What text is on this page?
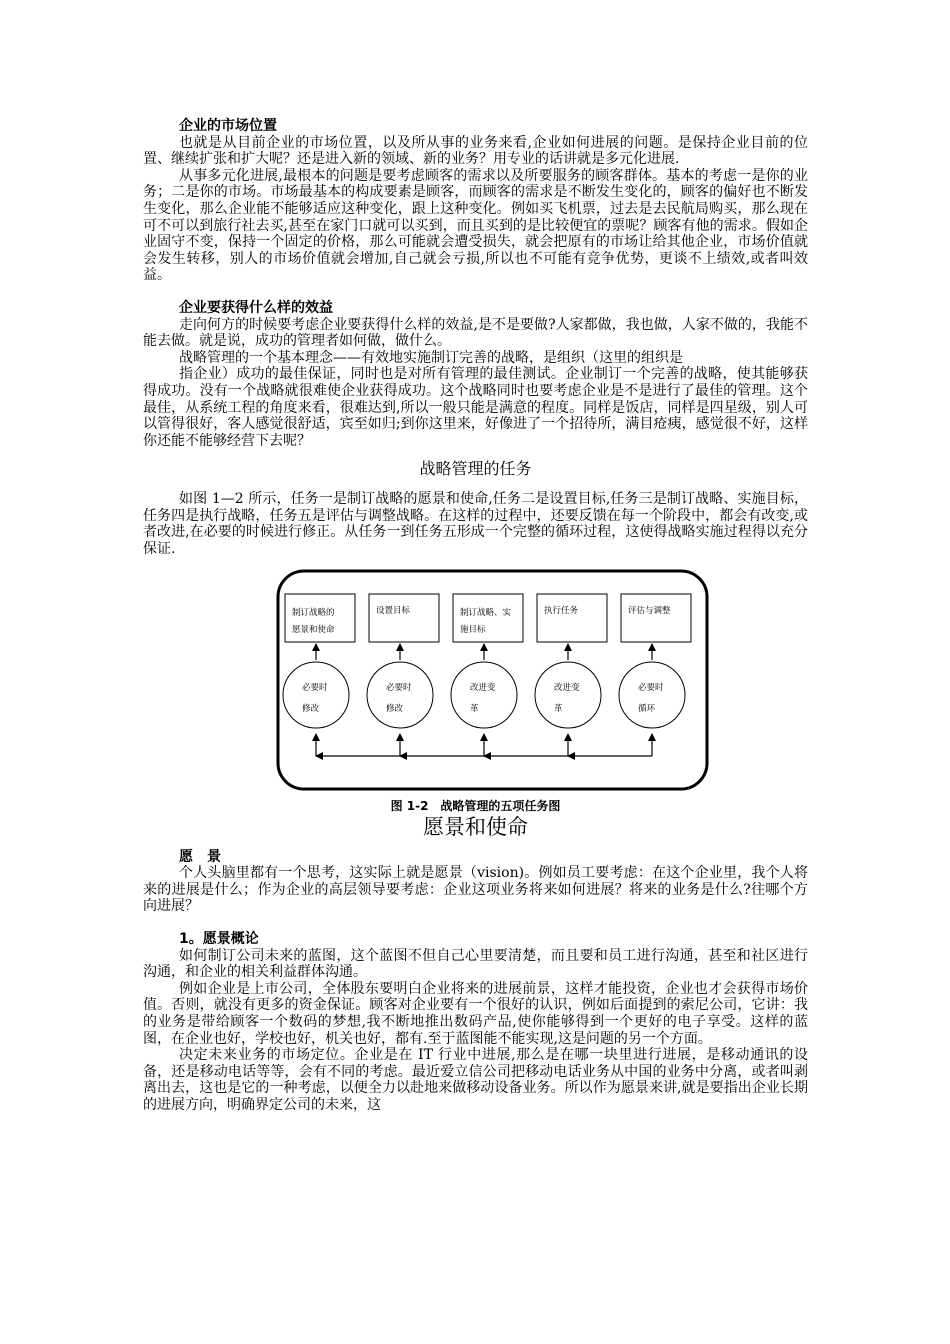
企业的市场位置

也就是从目前企业的市场位置，以及所从事的业务来看,企业如何进展的问题。是保持企业目前的位置、继续扩张和扩大呢？还是进入新的领域、新的业务？用专业的话讲就是多元化进展.

从事多元化进展,最根本的问题是要考虑顾客的需求以及所要服务的顾客群体。基本的考虑一是你的业务；二是你的市场。市场最基本的构成要素是顾客，而顾客的需求是不断发生变化的，顾客的偏好也不断发生变化，那么企业能不能够适应这种变化，跟上这种变化。例如买飞机票，过去是去民航局购买，那么现在可不可以到旅行社去买,甚至在家门口就可以买到，而且买到的是比较便宜的票呢？顾客有他的需求。假如企业固守不变，保持一个固定的价格，那么可能就会遭受损失，就会把原有的市场让给其他企业，市场价值就会发生转移，别人的市场价值就会增加,自己就会亏损,所以也不可能有竞争优势，更谈不上绩效,或者叫效益。

企业要获得什么样的效益

走向何方的时候要考虑企业要获得什么样的效益,是不是要做?人家都做，我也做，人家不做的，我能不能去做。就是说，成功的管理者如何做，做什么。

战略管理的一个基本理念——有效地实施制订完善的战略，是组织（这里的组织是

指企业）成功的最佳保证，同时也是对所有管理的最佳测试。企业制订一个完善的战略，使其能够获得成功。没有一个战略就很难使企业获得成功。这个战略同时也要考虑企业是不是进行了最佳的管理。这个最佳，从系统工程的角度来看，很难达到,所以一般只能是满意的程度。同样是饭店，同样是四星级，别人可以管得很好，客人感觉很舒适，宾至如归;到你这里来，好像进了一个招待所，满目疮痍，感觉很不好，这样你还能不能够经营下去呢？

战略管理的任务

如图 1—2 所示，任务一是制订战略的愿景和使命,任务二是设置目标,任务三是制订战略、实施目标，任务四是执行战略，任务五是评估与调整战略。在这样的过程中，还要反馈在每一个阶段中，都会有改变,或者改进,在必要的时候进行修正。从任务一到任务五形成一个完整的循环过程，这使得战略实施过程得以充分保证.

制订战略的
愿景和使命
设置目标	制订战略、实
施目标
执行任务	评估与调整
必要时
修改
必要时
修改
改进变
革
改进变
革
必要时
循环
图 1-2　战略管理的五项任务图
愿景和使命
愿　景

个人头脑里都有一个思考，这实际上就是愿景（vision)。例如员工要考虑：在这个企业里，我个人将来的进展是什么；作为企业的高层领导要考虑：企业这项业务将来如何进展？将来的业务是什么?往哪个方向进展？

1。愿景概论

如何制订公司未来的蓝图，这个蓝图不但自己心里要清楚，而且要和员工进行沟通，甚至和社区进行沟通，和企业的相关利益群体沟通。

例如企业是上市公司，全体股东要明白企业将来的进展前景，这样才能投资，企业也才会获得市场价值。否则，就没有更多的资金保证。顾客对企业要有一个很好的认识，例如后面提到的索尼公司，它讲：我的业务是带给顾客一个数码的梦想,我不断地推出数码产品,使你能够得到一个更好的电子享受。这样的蓝图，在企业也好，学校也好，机关也好，都有.至于蓝图能不能实现,这是问题的另一个方面。

决定未来业务的市场定位。企业是在 IT 行业中进展,那么是在哪一块里进行进展，是移动通讯的设备，还是移动电话等等，会有不同的考虑。最近爱立信公司把移动电话业务从中国的业务中分离，或者叫剥离出去，这也是它的一种考虑，以便全力以赴地来做移动设备业务。所以作为愿景来讲,就是要指出企业长期的进展方向，明确界定公司的未来，这
